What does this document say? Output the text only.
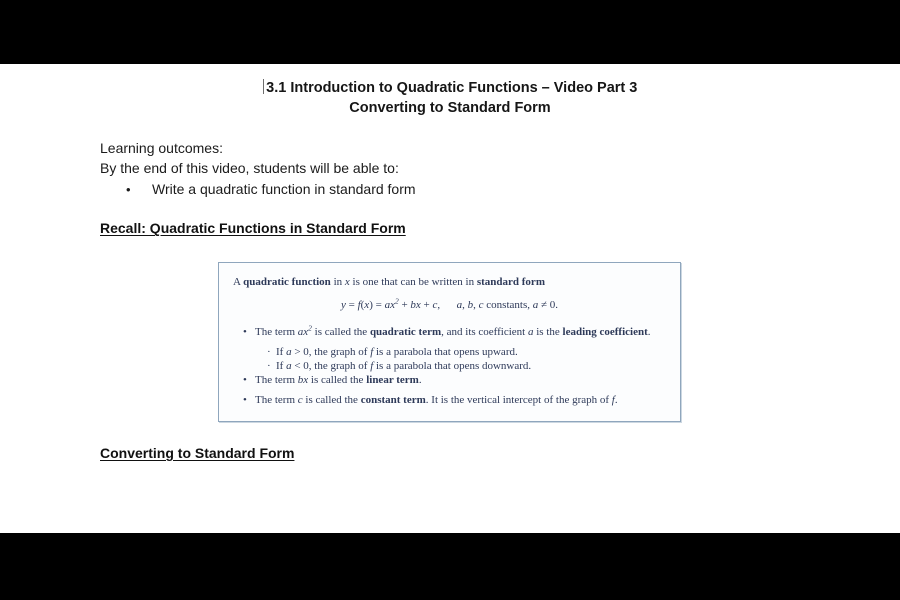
3.1 Introduction to Quadratic Functions – Video Part 3
Converting to Standard Form
Learning outcomes:
By the end of this video, students will be able to:
• Write a quadratic function in standard form
Recall: Quadratic Functions in Standard Form
A quadratic function in x is one that can be written in standard form
$y = f(x) = ax^2$ + bx + c,  a, b, c constants, a ≠ 0.
• The term $ax^2$ is called the quadratic term, and its coefficient a is the leading coefficient.
· If a > 0, the graph of f is a parabola that opens upward.
· If a < 0, the graph of f is a parabola that opens downward.
• The term bx is called the linear term.
• The term c is called the constant term. It is the vertical intercept of the graph of f.
Converting to Standard Form
